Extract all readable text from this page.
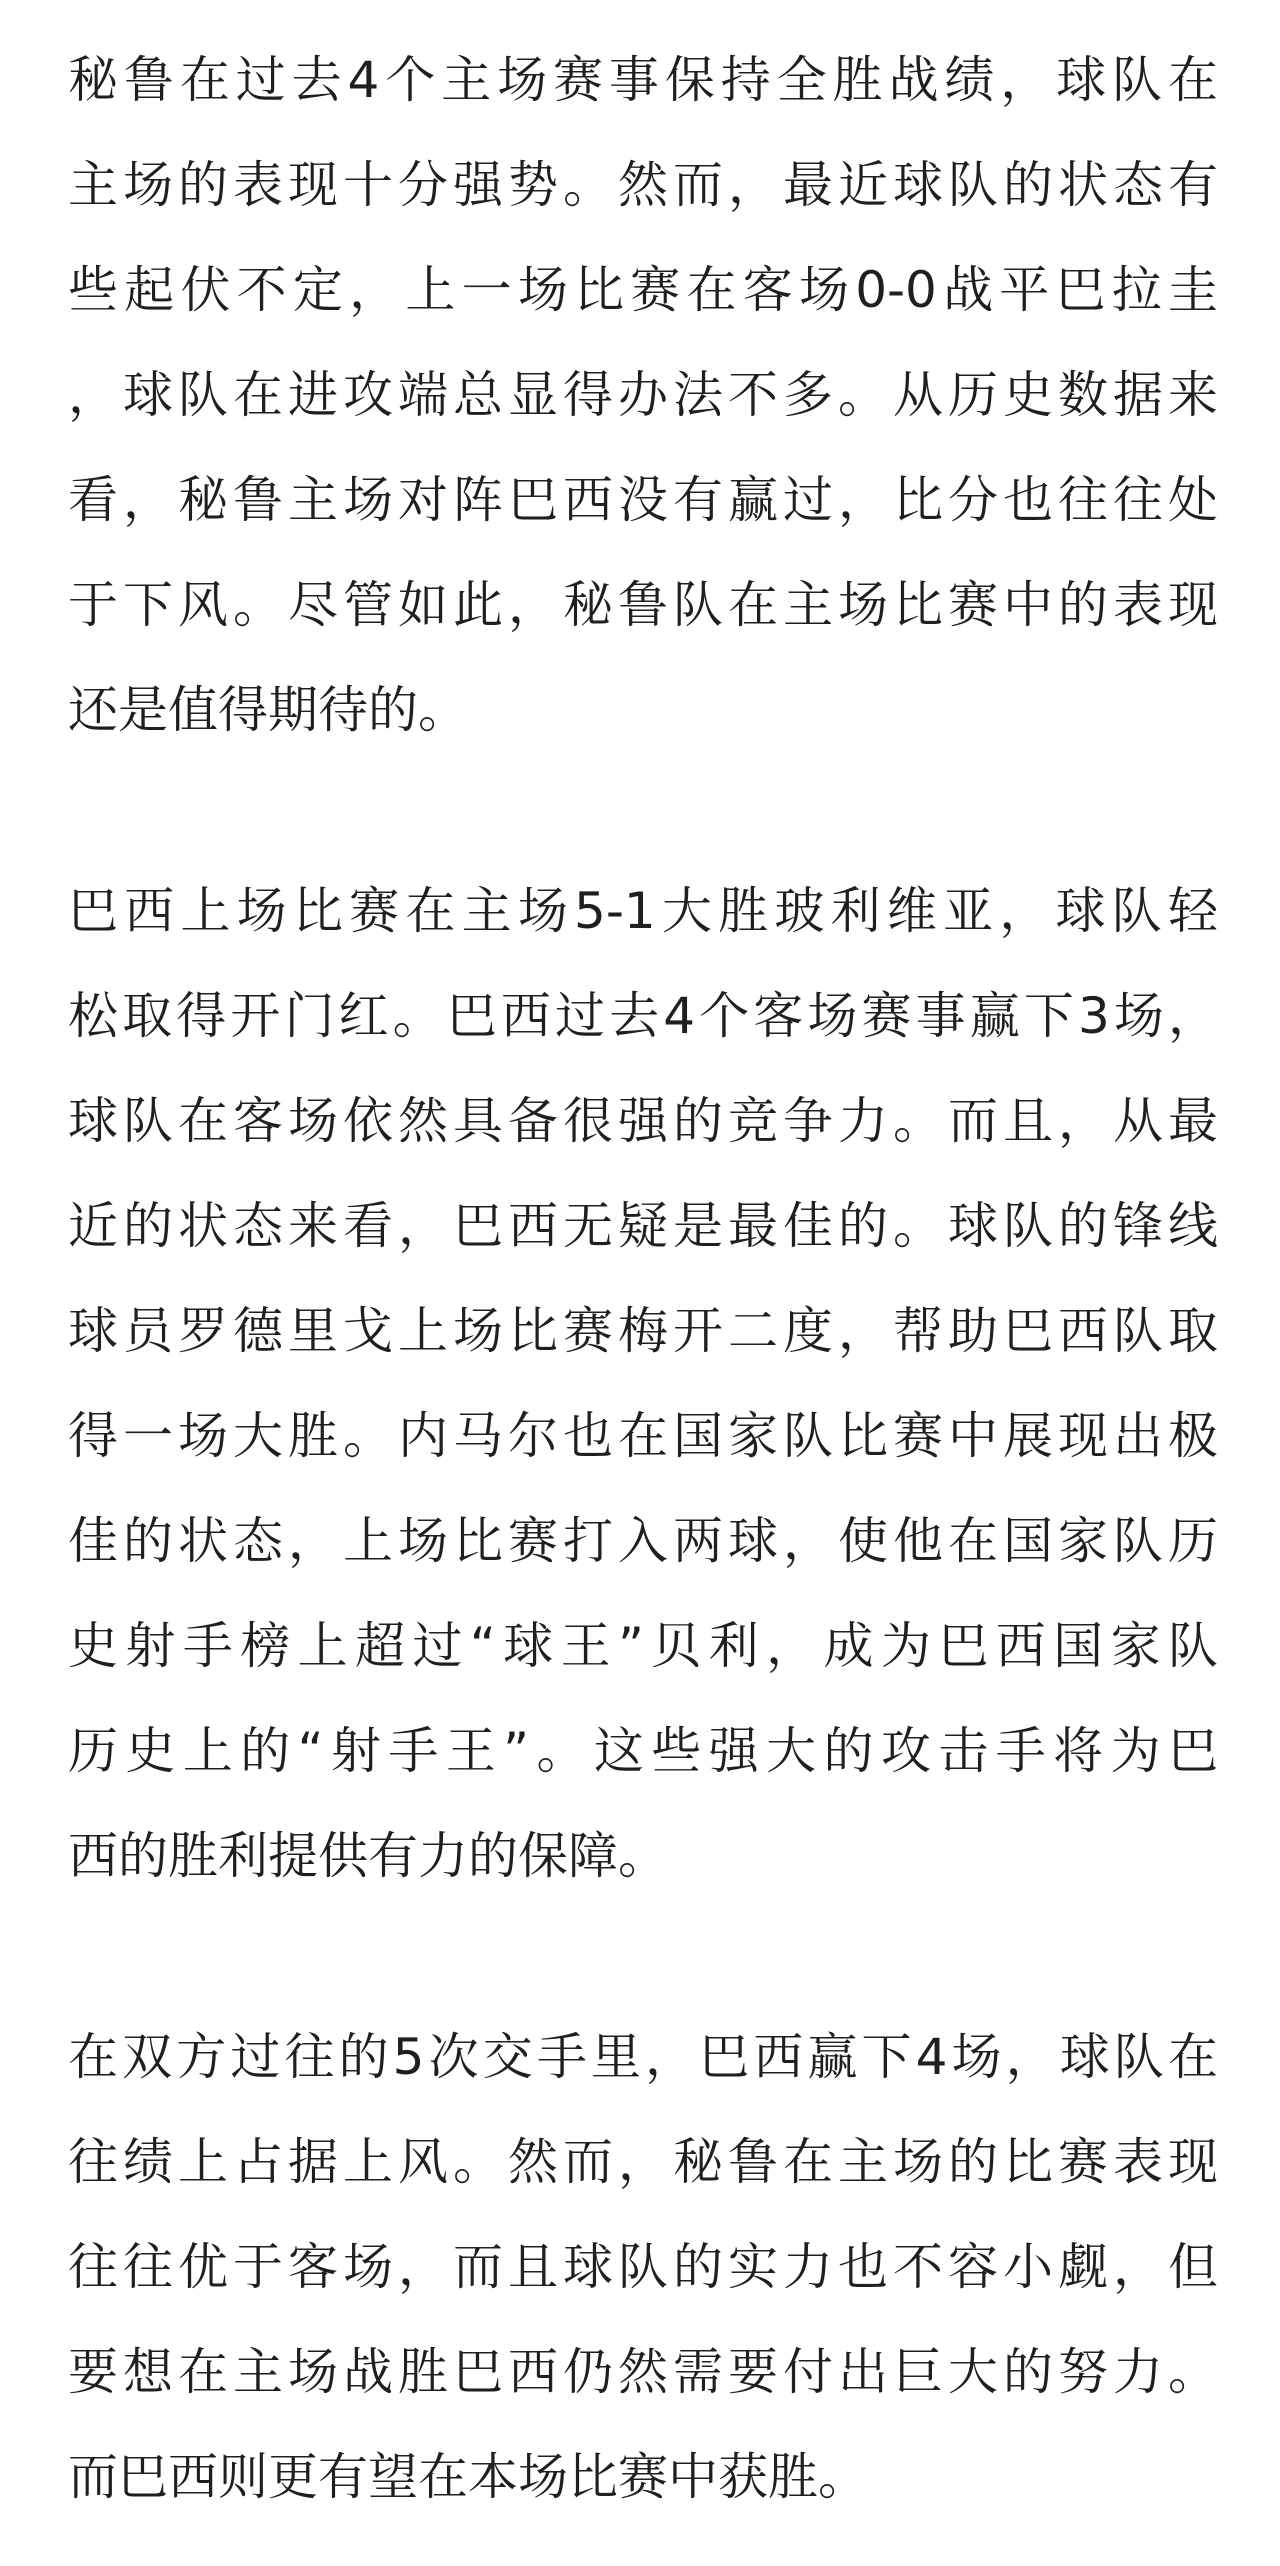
秘鲁在过去4个主场赛事保持全胜战绩，球队在
主场的表现十分强势。然而，最近球队的状态有
些起伏不定，上一场比赛在客场0-0战平巴拉圭
，球队在进攻端总显得办法不多。从历史数据来
看，秘鲁主场对阵巴西没有赢过，比分也往往处
于下风。尽管如此，秘鲁队在主场比赛中的表现
还是值得期待的。
巴西上场比赛在主场5-1大胜玻利维亚，球队轻
松取得开门红。巴西过去4个客场赛事赢下3场，
球队在客场依然具备很强的竞争力。而且，从最
近的状态来看，巴西无疑是最佳的。球队的锋线
球员罗德里戈上场比赛梅开二度，帮助巴西队取
得一场大胜。内马尔也在国家队比赛中展现出极
佳的状态，上场比赛打入两球，使他在国家队历
史射手榜上超过“球王”贝利，成为巴西国家队
历史上的“射手王”。这些强大的攻击手将为巴
西的胜利提供有力的保障。
在双方过往的5次交手里，巴西赢下4场，球队在
往绩上占据上风。然而，秘鲁在主场的比赛表现
往往优于客场，而且球队的实力也不容小觑，但
要想在主场战胜巴西仍然需要付出巨大的努力。
而巴西则更有望在本场比赛中获胜。
